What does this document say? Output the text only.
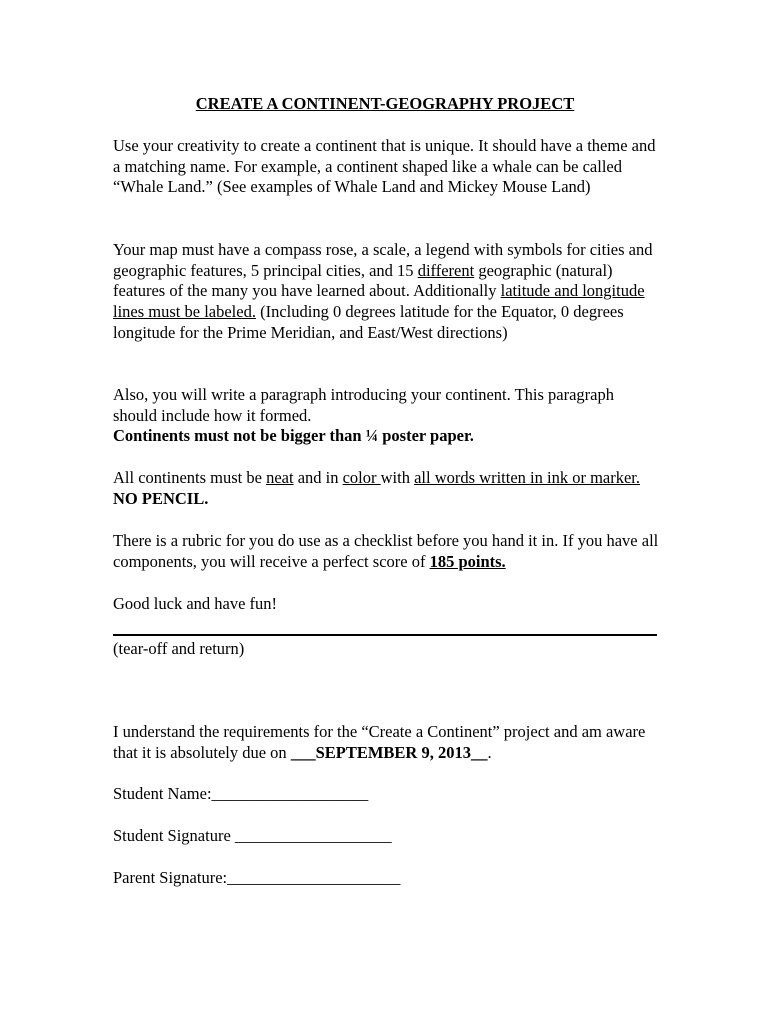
CREATE A CONTINENT-GEOGRAPHY PROJECT

Use your creativity to create a continent that is unique. It should have a theme and a matching name. For example, a continent shaped like a whale can be called “Whale Land.” (See examples of Whale Land and Mickey Mouse Land)

Your map must have a compass rose, a scale, a legend with symbols for cities and geographic features, 5 principal cities, and 15 different geographic (natural) features of the many you have learned about. Additionally latitude and longitude lines must be labeled. (Including 0 degrees latitude for the Equator, 0 degrees longitude for the Prime Meridian, and East/West directions)

Also, you will write a paragraph introducing your continent. This paragraph should include how it formed.
Continents must not be bigger than ¼ poster paper.

All continents must be neat and in color with all words written in ink or marker. NO PENCIL.

There is a rubric for you do use as a checklist before you hand it in. If you have all components, you will receive a perfect score of 185 points.

Good luck and have fun!

(tear-off and return)

I understand the requirements for the “Create a Continent” project and am aware that it is absolutely due on ___SEPTEMBER 9, 2013__.

Student Name:___________________

Student Signature ___________________

Parent Signature:_____________________
